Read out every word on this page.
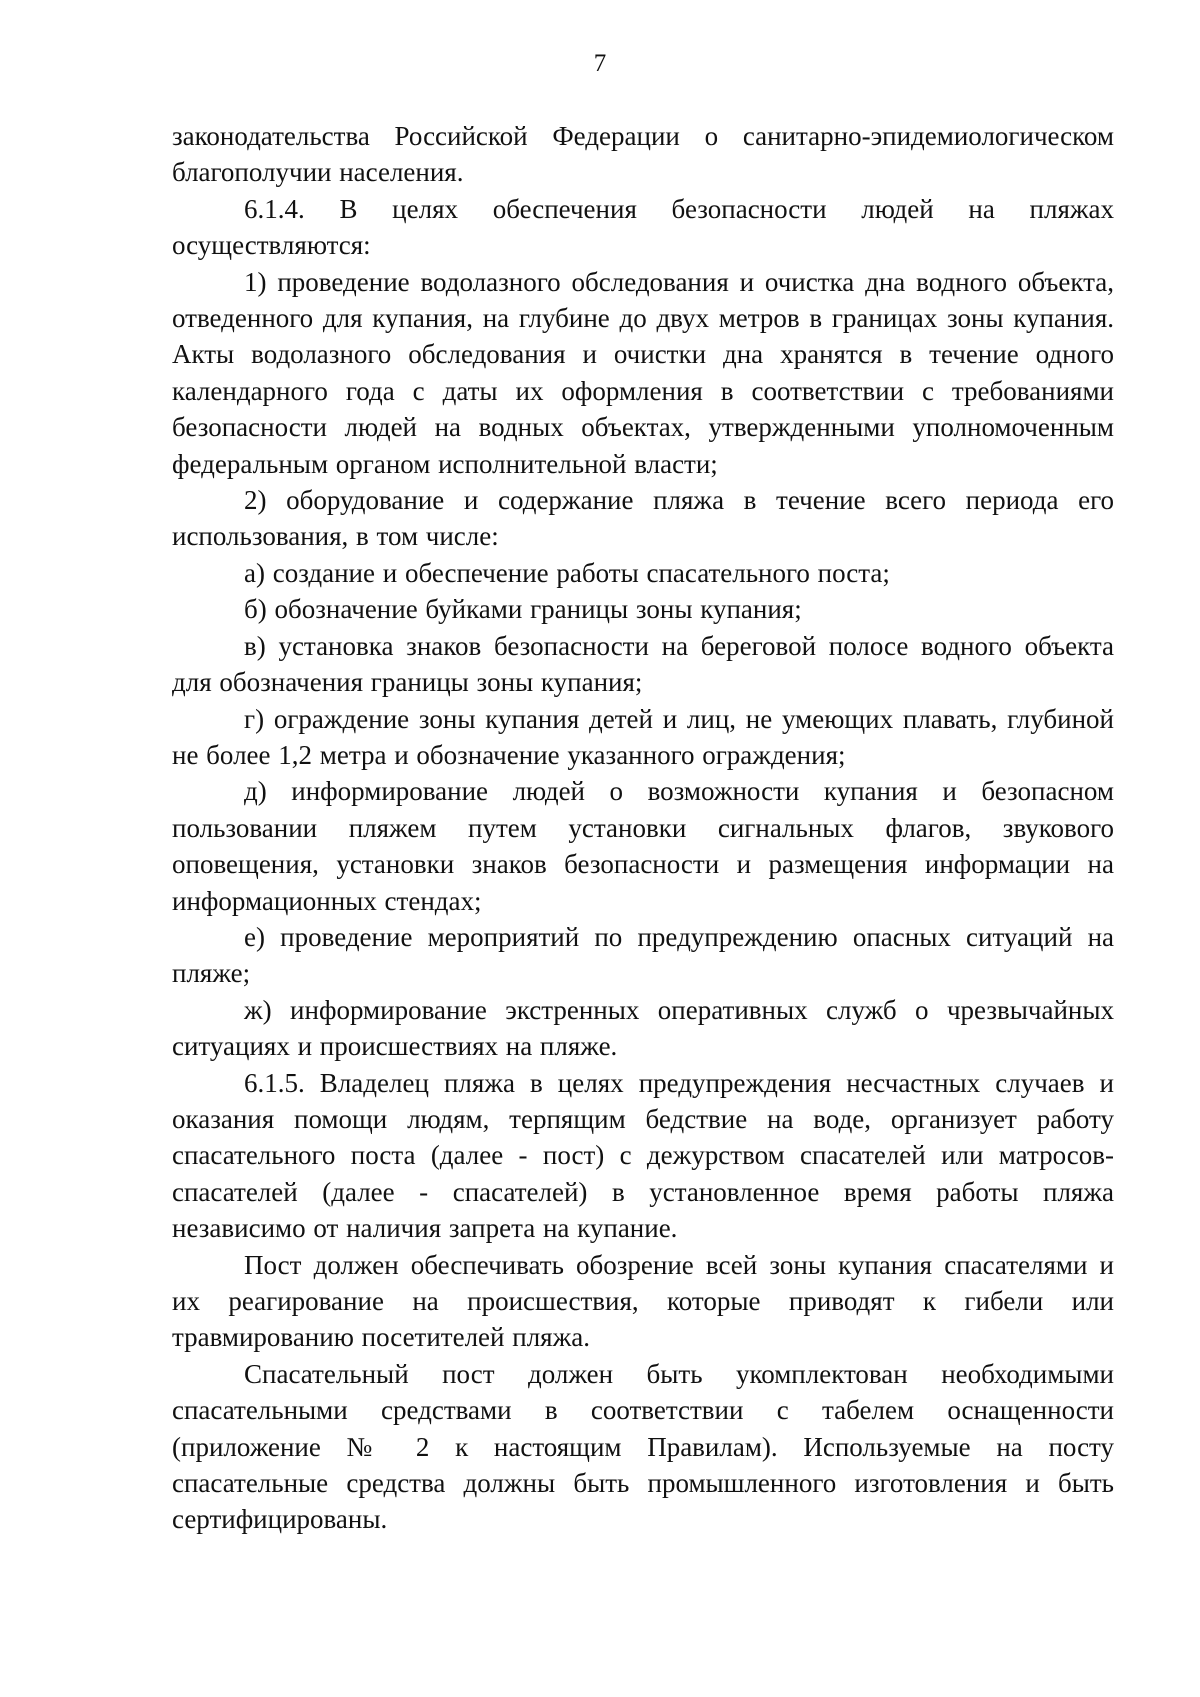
7

законодательства Российской Федерации о санитарно-эпидемиологическом благополучии населения.

6.1.4. В целях обеспечения безопасности людей на пляжах осуществляются:

1) проведение водолазного обследования и очистка дна водного объекта, отведенного для купания, на глубине до двух метров в границах зоны купания. Акты водолазного обследования и очистки дна хранятся в течение одного календарного года с даты их оформления в соответствии с требованиями безопасности людей на водных объектах, утвержденными уполномоченным федеральным органом исполнительной власти;

2) оборудование и содержание пляжа в течение всего периода его использования, в том числе:

а) создание и обеспечение работы спасательного поста;

б) обозначение буйками границы зоны купания;

в) установка знаков безопасности на береговой полосе водного объекта для обозначения границы зоны купания;

г) ограждение зоны купания детей и лиц, не умеющих плавать, глубиной не более 1,2 метра и обозначение указанного ограждения;

д) информирование людей о возможности купания и безопасном пользовании пляжем путем установки сигнальных флагов, звукового оповещения, установки знаков безопасности и размещения информации на информационных стендах;

е) проведение мероприятий по предупреждению опасных ситуаций на пляже;

ж) информирование экстренных оперативных служб о чрезвычайных ситуациях и происшествиях на пляже.

6.1.5. Владелец пляжа в целях предупреждения несчастных случаев и оказания помощи людям, терпящим бедствие на воде, организует работу спасательного поста (далее - пост) с дежурством спасателей или матросов-спасателей (далее - спасателей) в установленное время работы пляжа независимо от наличия запрета на купание.

Пост должен обеспечивать обозрение всей зоны купания спасателями и их реагирование на происшествия, которые приводят к гибели или травмированию посетителей пляжа.

Спасательный пост должен быть укомплектован необходимыми спасательными средствами в соответствии с табелем оснащенности (приложение № 2 к настоящим Правилам). Используемые на посту спасательные средства должны быть промышленного изготовления и быть сертифицированы.
